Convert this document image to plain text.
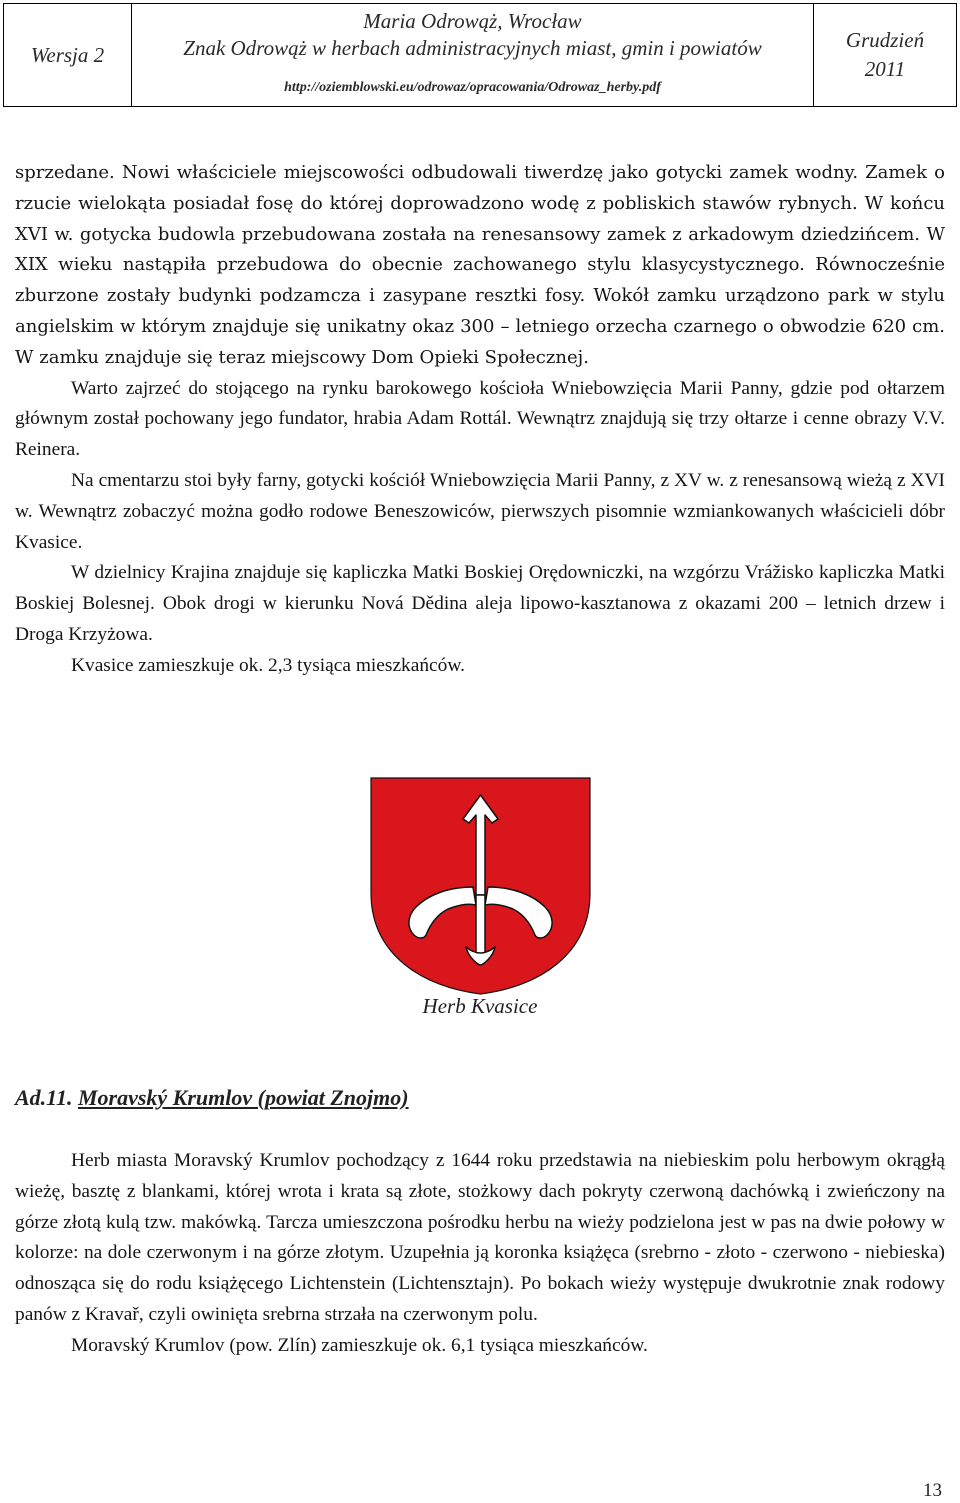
Wersja 2
Maria Odrowąż, Wrocław
Znak Odrowąż w herbach administracyjnych miast, gmin i powiatów
http://oziemblowski.eu/odrowaz/opracowania/Odrowaz_herby.pdf
Grudzień
2011

sprzedane. Nowi właściciele miejscowości odbudowali tiwerdzę jako gotycki zamek wodny. Zamek o rzucie wielokąta posiadał fosę do której doprowadzono wodę z pobliskich stawów rybnych. W końcu XVI w. gotycka budowla przebudowana została na renesansowy zamek z arkadowym dziedzińcem. W XIX wieku nastąpiła przebudowa do obecnie zachowanego stylu klasycystycznego. Równocześnie zburzone zostały budynki podzamcza i zasypane resztki fosy. Wokół zamku urządzono park w stylu angielskim w którym znajduje się unikatny okaz 300 – letniego orzecha czarnego o obwodzie 620 cm. W zamku znajduje się teraz miejscowy Dom Opieki Społecznej.

Warto zajrzeć do stojącego na rynku barokowego kościoła Wniebowzięcia Marii Panny, gdzie pod ołtarzem głównym został pochowany jego fundator, hrabia Adam Rottál. Wewnątrz znajdują się trzy ołtarze i cenne obrazy V.V. Reinera.

Na cmentarzu stoi były farny, gotycki kościół Wniebowzięcia Marii Panny, z XV w. z renesansową wieżą z XVI w. Wewnątrz zobaczyć można godło rodowe Beneszowiców, pierwszych pisomnie wzmiankowanych właścicieli dóbr Kvasice.

W dzielnicy Krajina znajduje się kapliczka Matki Boskiej Orędowniczki, na wzgórzu Vrážisko kapliczka Matki Boskiej Bolesnej. Obok drogi w kierunku Nová Dědina aleja lipowo-kasztanowa z okazami 200 – letnich drzew i Droga Krzyżowa.

Kvasice zamieszkuje ok. 2,3 tysiąca mieszkańców.

Herb Kvasice
Ad.11. Moravský Krumlov (powiat Znojmo)

Herb miasta Moravský Krumlov pochodzący z 1644 roku przedstawia na niebieskim polu herbowym okrągłą wieżę, basztę z blankami, której wrota i krata są złote, stożkowy dach pokryty czerwoną dachówką i zwieńczony na górze złotą kulą tzw. makówką. Tarcza umieszczona pośrodku herbu na wieży podzielona jest w pas na dwie połowy w kolorze: na dole czerwonym i na górze złotym. Uzupełnia ją koronka książęca (srebrno - złoto - czerwono - niebieska) odnosząca się do rodu książęcego Lichtenstein (Lichtensztajn). Po bokach wieży występuje dwukrotnie znak rodowy panów z Kravař, czyli owinięta srebrna strzała na czerwonym polu.

Moravský Krumlov (pow. Zlín) zamieszkuje ok. 6,1 tysiąca mieszkańców.

13
